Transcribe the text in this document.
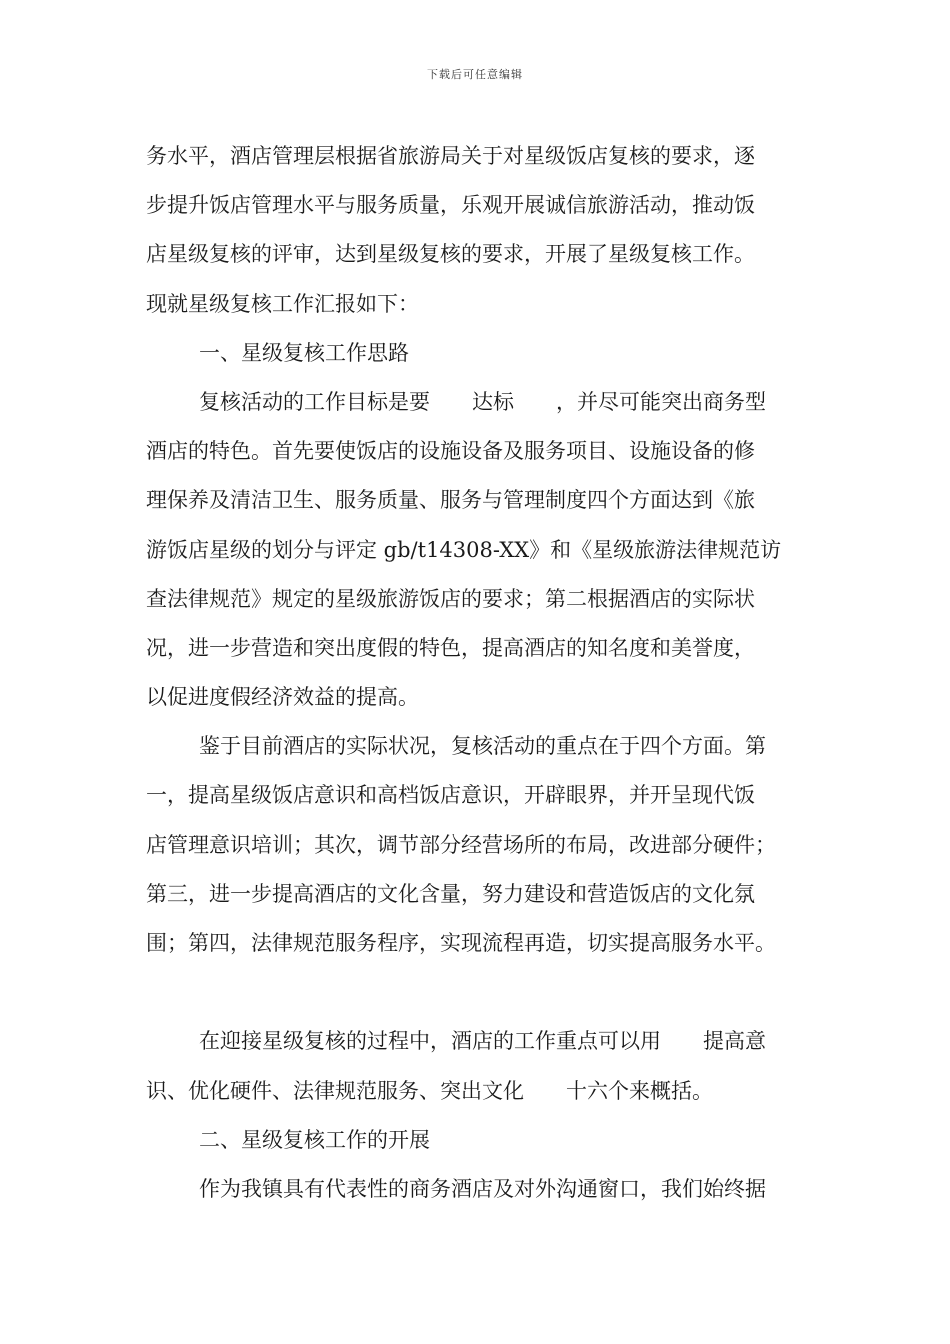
下载后可任意编辑
务水平，酒店管理层根据省旅游局关于对星级饭店复核的要求，逐
步提升饭店管理水平与服务质量，乐观开展诚信旅游活动，推动饭
店星级复核的评审，达到星级复核的要求，开展了星级复核工作。
现就星级复核工作汇报如下：
一、星级复核工作思路
复核活动的工作目标是要　　达标　　，并尽可能突出商务型
酒店的特色。首先要使饭店的设施设备及服务项目、设施设备的修
理保养及清洁卫生、服务质量、服务与管理制度四个方面达到《旅
游饭店星级的划分与评定 gb/t14308-XX》和《星级旅游法律规范访
查法律规范》规定的星级旅游饭店的要求；第二根据酒店的实际状
况，进一步营造和突出度假的特色，提高酒店的知名度和美誉度，
以促进度假经济效益的提高。
鉴于目前酒店的实际状况，复核活动的重点在于四个方面。第
一，提高星级饭店意识和高档饭店意识，开辟眼界，并开呈现代饭
店管理意识培训；其次，调节部分经营场所的布局，改进部分硬件；
第三，进一步提高酒店的文化含量，努力建设和营造饭店的文化氛
围；第四，法律规范服务程序，实现流程再造，切实提高服务水平。
在迎接星级复核的过程中，酒店的工作重点可以用　　提高意
识、优化硬件、法律规范服务、突出文化　　十六个来概括。
二、星级复核工作的开展
作为我镇具有代表性的商务酒店及对外沟通窗口，我们始终据
